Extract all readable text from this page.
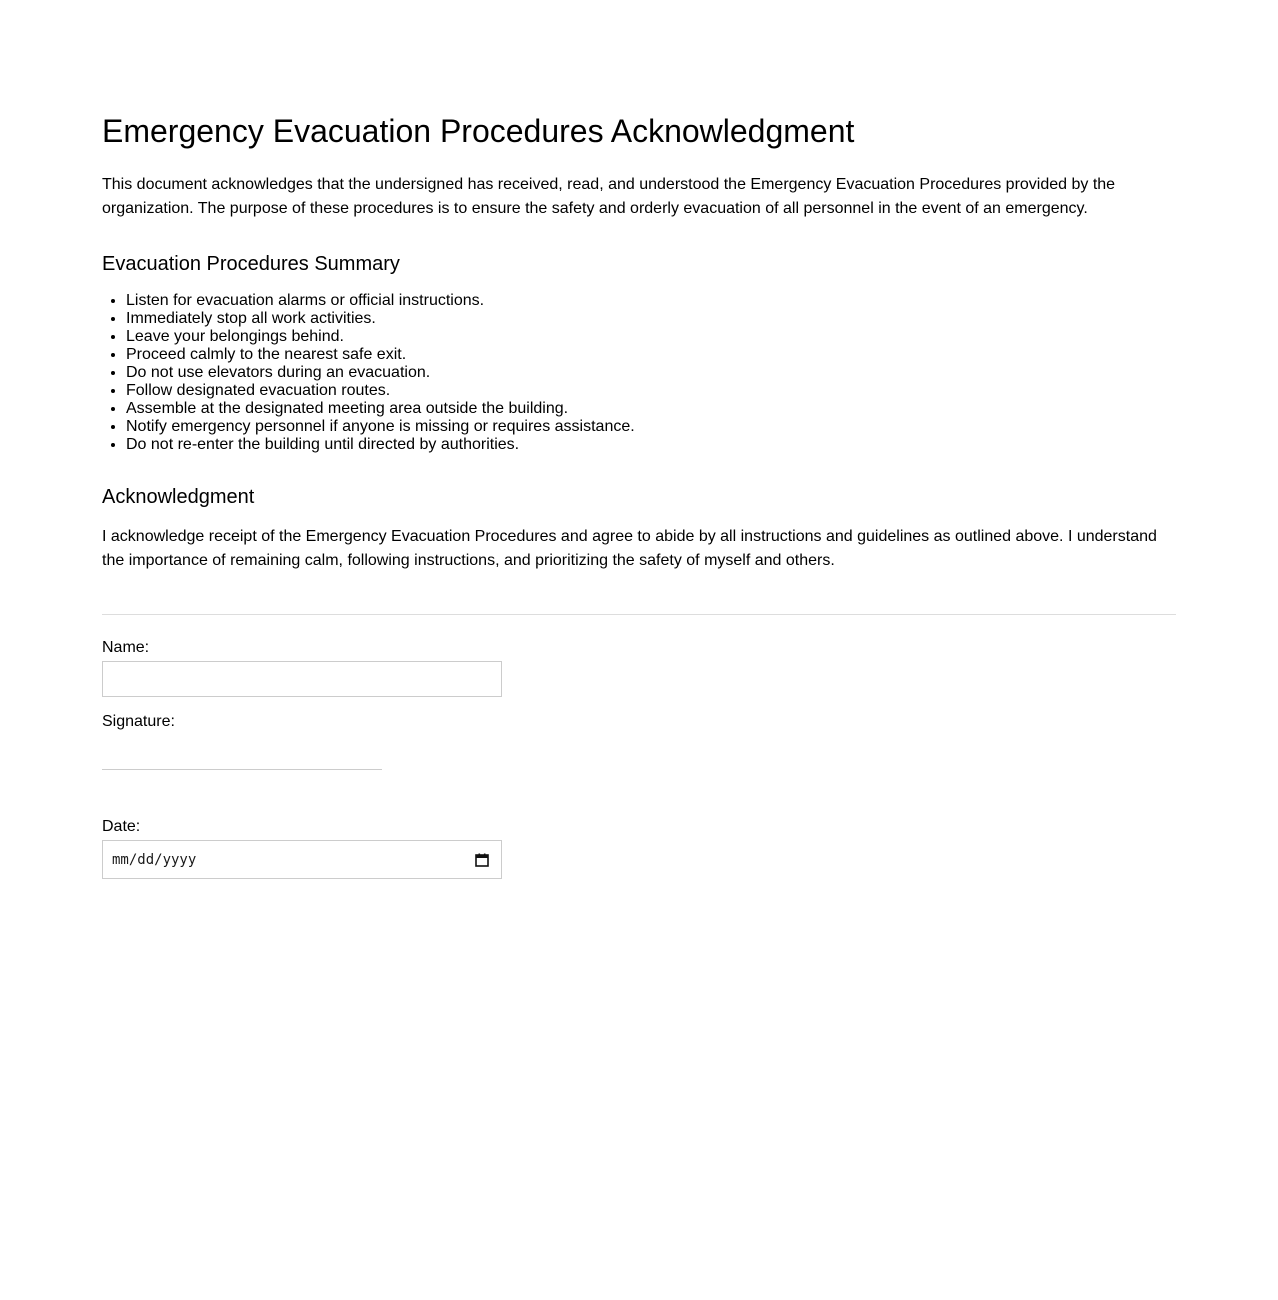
Emergency Evacuation Procedures Acknowledgment

This document acknowledges that the undersigned has received, read, and understood the Emergency Evacuation Procedures provided by the organization. The purpose of these procedures is to ensure the safety and orderly evacuation of all personnel in the event of an emergency.

Evacuation Procedures Summary
• Listen for evacuation alarms or official instructions.
• Immediately stop all work activities.
• Leave your belongings behind.
• Proceed calmly to the nearest safe exit.
• Do not use elevators during an evacuation.
• Follow designated evacuation routes.
• Assemble at the designated meeting area outside the building.
• Notify emergency personnel if anyone is missing or requires assistance.
• Do not re-enter the building until directed by authorities.
Acknowledgment

I acknowledge receipt of the Emergency Evacuation Procedures and agree to abide by all instructions and guidelines as outlined above. I understand the importance of remaining calm, following instructions, and prioritizing the safety of myself and others.

Name:
Signature:
Date:
mm/dd/yyyy
